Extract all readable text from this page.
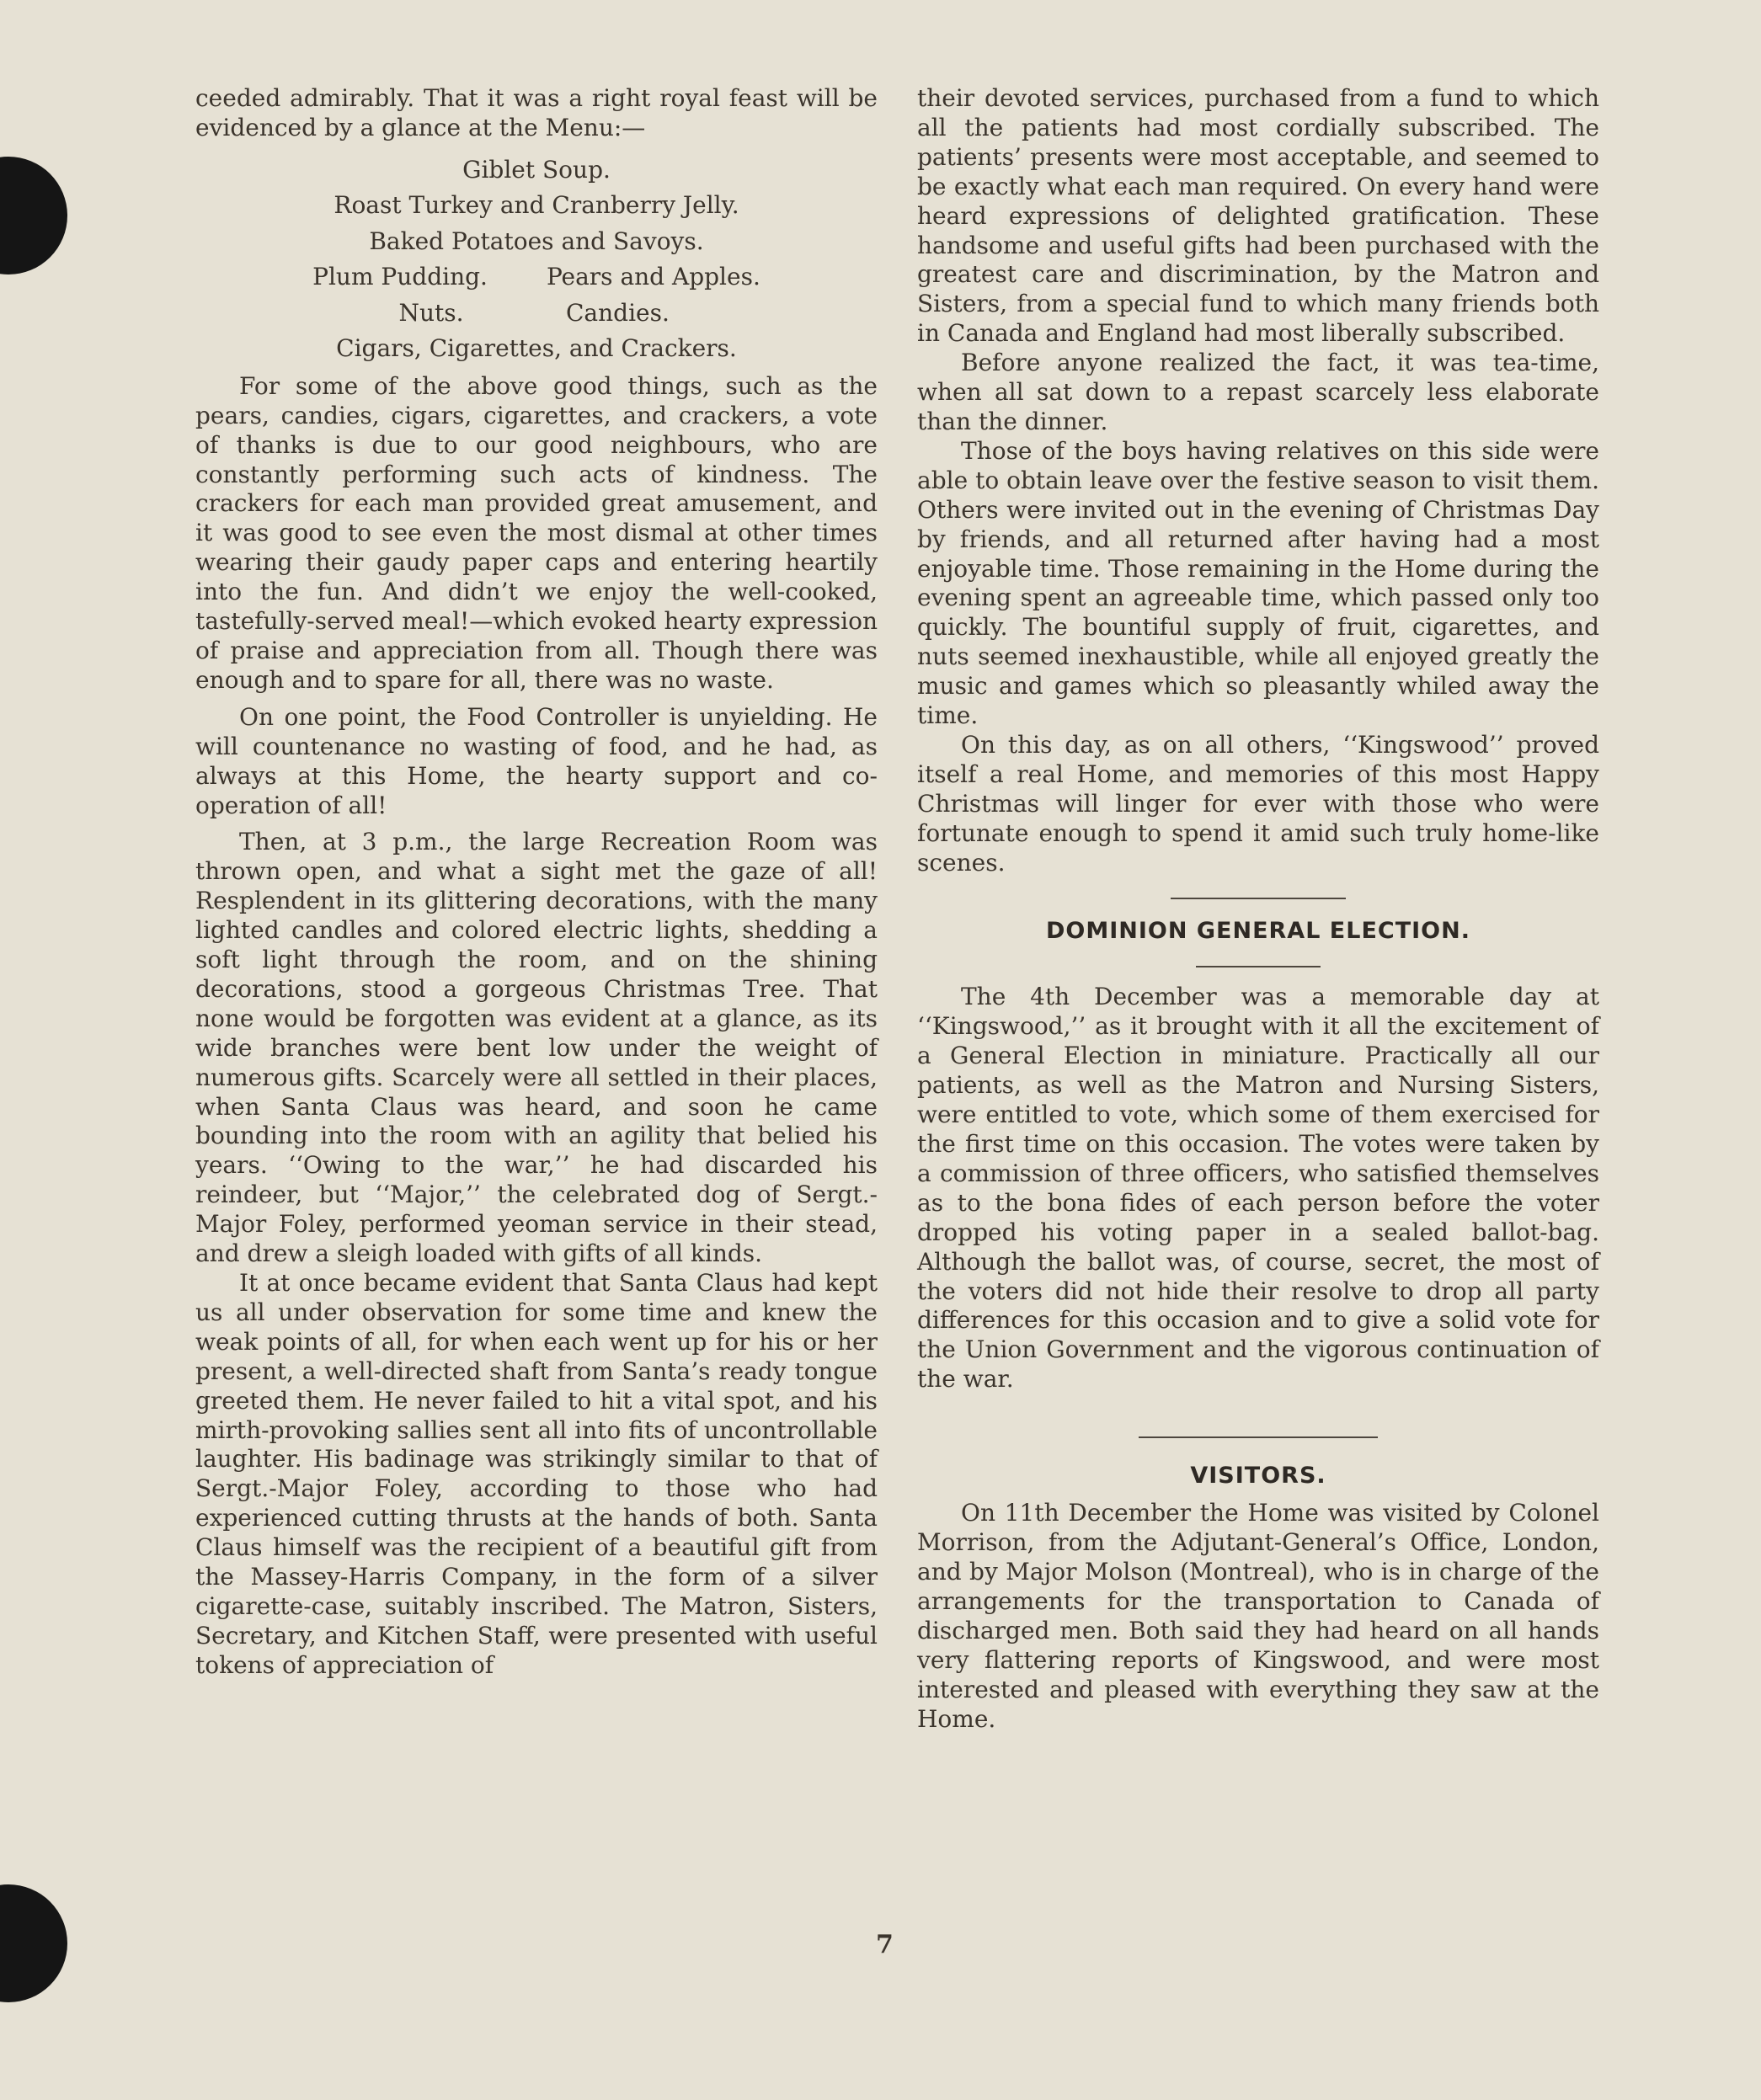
ceeded admirably. That it was a right royal feast will be evidenced by a glance at the Menu:—

Giblet Soup.
Roast Turkey and Cranberry Jelly.
Baked Potatoes and Savoys.
Plum Pudding.	Pears and Apples.
Nuts.	Candies.
Cigars, Cigarettes, and Crackers.

For some of the above good things, such as the pears, candies, cigars, cigarettes, and crackers, a vote of thanks is due to our good neighbours, who are constantly performing such acts of kindness. The crackers for each man provided great amusement, and it was good to see even the most dismal at other times wearing their gaudy paper caps and entering heartily into the fun. And didn’t we enjoy the well-cooked, tastefully-served meal!—which evoked hearty expression of praise and appreciation from all. Though there was enough and to spare for all, there was no waste.

On one point, the Food Controller is unyielding. He will countenance no wasting of food, and he had, as always at this Home, the hearty support and co-operation of all!

Then, at 3 p.m., the large Recreation Room was thrown open, and what a sight met the gaze of all! Resplendent in its glittering decorations, with the many lighted candles and colored electric lights, shedding a soft light through the room, and on the shining decorations, stood a gorgeous Christmas Tree. That none would be forgotten was evident at a glance, as its wide branches were bent low under the weight of numerous gifts. Scarcely were all settled in their places, when Santa Claus was heard, and soon he came bounding into the room with an agility that belied his years. ‘‘Owing to the war,’’ he had discarded his reindeer, but ‘‘Major,’’ the celebrated dog of Sergt.-Major Foley, performed yeoman service in their stead, and drew a sleigh loaded with gifts of all kinds.

It at once became evident that Santa Claus had kept us all under observation for some time and knew the weak points of all, for when each went up for his or her present, a well-directed shaft from Santa’s ready tongue greeted them. He never failed to hit a vital spot, and his mirth-provoking sallies sent all into fits of uncontrollable laughter. His badinage was strikingly similar to that of Sergt.-Major Foley, according to those who had experienced cutting thrusts at the hands of both. Santa Claus himself was the recipient of a beautiful gift from the Massey-Harris Company, in the form of a silver cigarette-case, suitably inscribed. The Matron, Sisters, Secretary, and Kitchen Staff, were presented with useful tokens of appreciation of

their devoted services, purchased from a fund to which all the patients had most cordially subscribed. The patients’ presents were most acceptable, and seemed to be exactly what each man required. On every hand were heard expressions of delighted gratification. These handsome and useful gifts had been purchased with the greatest care and discrimination, by the Matron and Sisters, from a special fund to which many friends both in Canada and England had most liberally subscribed.

Before anyone realized the fact, it was tea-time, when all sat down to a repast scarcely less elaborate than the dinner.

Those of the boys having relatives on this side were able to obtain leave over the festive season to visit them. Others were invited out in the evening of Christmas Day by friends, and all returned after having had a most enjoyable time. Those remaining in the Home during the evening spent an agreeable time, which passed only too quickly. The bountiful supply of fruit, cigarettes, and nuts seemed inexhaustible, while all enjoyed greatly the music and games which so pleasantly whiled away the time.

On this day, as on all others, ‘‘Kingswood’’ proved itself a real Home, and memories of this most Happy Christmas will linger for ever with those who were fortunate enough to spend it amid such truly home-like scenes.

DOMINION GENERAL ELECTION.

The 4th December was a memorable day at ‘‘Kingswood,’’ as it brought with it all the excitement of a General Election in miniature. Practically all our patients, as well as the Matron and Nursing Sisters, were entitled to vote, which some of them exercised for the first time on this occasion. The votes were taken by a commission of three officers, who satisfied themselves as to the bona fides of each person before the voter dropped his voting paper in a sealed ballot-bag. Although the ballot was, of course, secret, the most of the voters did not hide their resolve to drop all party differences for this occasion and to give a solid vote for the Union Government and the vigorous continuation of the war.

VISITORS.

On 11th December the Home was visited by Colonel Morrison, from the Adjutant-General’s Office, London, and by Major Molson (Montreal), who is in charge of the arrangements for the transportation to Canada of discharged men. Both said they had heard on all hands very flattering reports of Kingswood, and were most interested and pleased with everything they saw at the Home.

7
